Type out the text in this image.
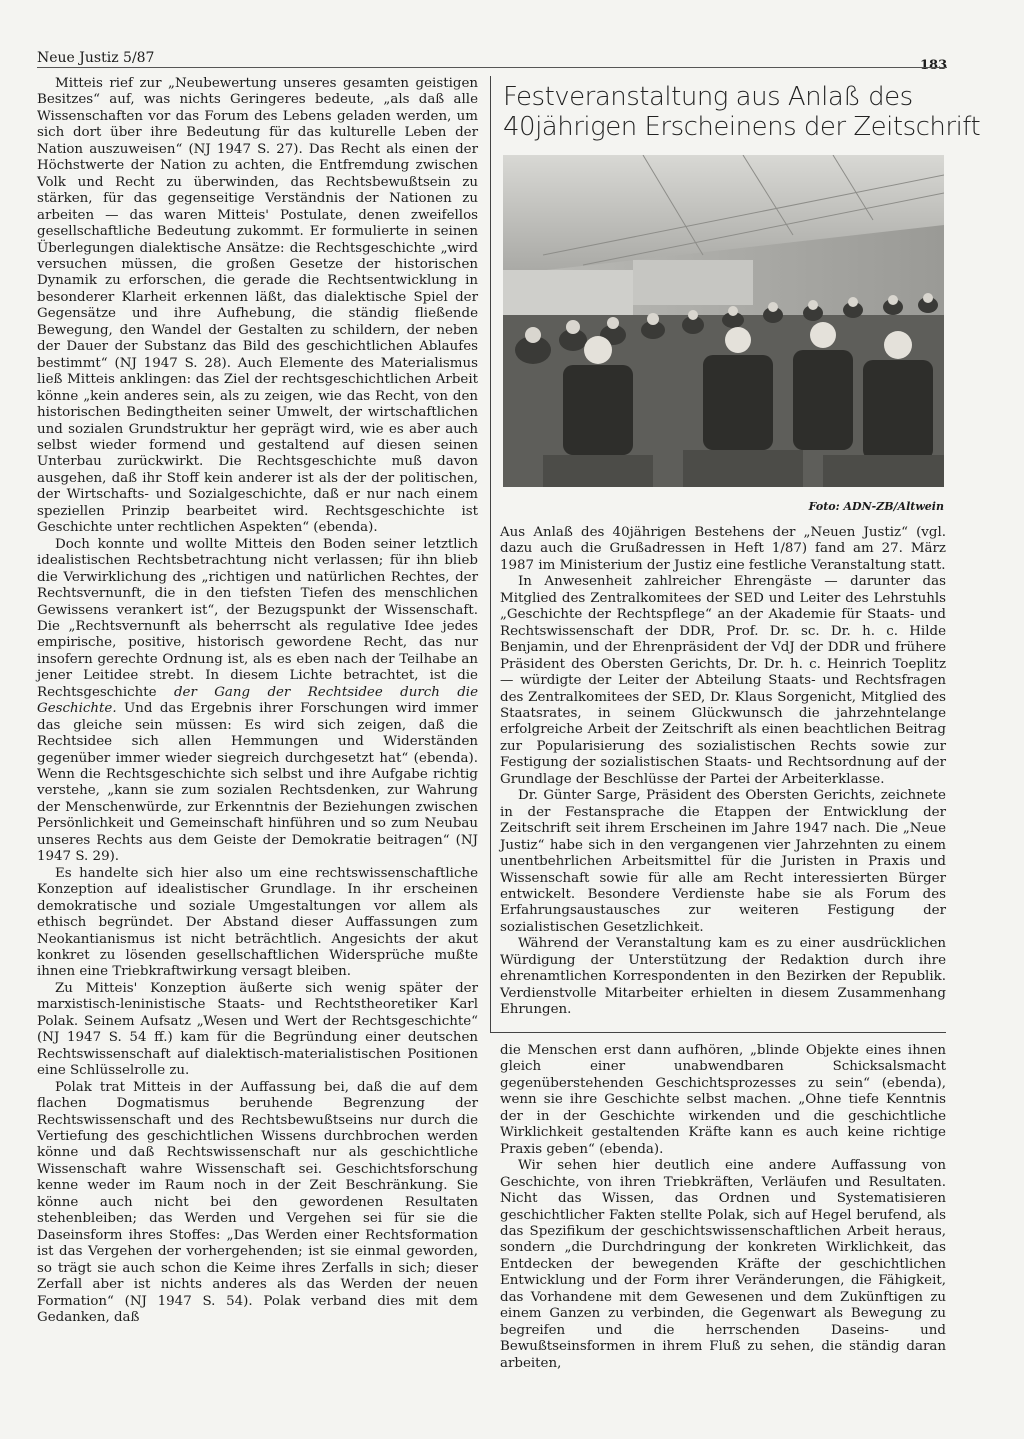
Neue Justiz 5/87	183

Mitteis rief zur „Neubewertung unseres gesamten geistigen Besitzes“ auf, was nichts Geringeres bedeute, „als daß alle Wissenschaften vor das Forum des Lebens geladen werden, um sich dort über ihre Bedeutung für das kulturelle Leben der Nation auszuweisen“ (NJ 1947 S. 27). Das Recht als einen der Höchstwerte der Nation zu achten, die Entfremdung zwischen Volk und Recht zu überwinden, das Rechtsbewußtsein zu stärken, für das gegenseitige Verständnis der Nationen zu arbeiten — das waren Mitteis' Postulate, denen zweifellos gesellschaftliche Bedeutung zukommt. Er formulierte in seinen Überlegungen dialektische Ansätze: die Rechtsgeschichte „wird versuchen müssen, die großen Gesetze der historischen Dynamik zu erforschen, die gerade die Rechtsentwicklung in besonderer Klarheit erkennen läßt, das dialektische Spiel der Gegensätze und ihre Aufhebung, die ständig fließende Bewegung, den Wandel der Gestalten zu schildern, der neben der Dauer der Substanz das Bild des geschichtlichen Ablaufes bestimmt“ (NJ 1947 S. 28). Auch Elemente des Materialismus ließ Mitteis anklingen: das Ziel der rechtsgeschichtlichen Arbeit könne „kein anderes sein, als zu zeigen, wie das Recht, von den historischen Bedingtheiten seiner Umwelt, der wirtschaftlichen und sozialen Grundstruktur her geprägt wird, wie es aber auch selbst wieder formend und gestaltend auf diesen seinen Unterbau zurückwirkt. Die Rechtsgeschichte muß davon ausgehen, daß ihr Stoff kein anderer ist als der der politischen, der Wirtschafts- und Sozialgeschichte, daß er nur nach einem speziellen Prinzip bearbeitet wird. Rechtsgeschichte ist Geschichte unter rechtlichen Aspekten“ (ebenda).

Doch konnte und wollte Mitteis den Boden seiner letztlich idealistischen Rechtsbetrachtung nicht verlassen; für ihn blieb die Verwirklichung des „richtigen und natürlichen Rechtes, der Rechtsvernunft, die in den tiefsten Tiefen des menschlichen Gewissens verankert ist“, der Bezugspunkt der Wissenschaft. Die „Rechtsvernunft als beherrscht als regulative Idee jedes empirische, positive, historisch gewordene Recht, das nur insofern gerechte Ordnung ist, als es eben nach der Teilhabe an jener Leitidee strebt. In diesem Lichte betrachtet, ist die Rechtsgeschichte der Gang der Rechtsidee durch die Geschichte. Und das Ergebnis ihrer Forschungen wird immer das gleiche sein müssen: Es wird sich zeigen, daß die Rechtsidee sich allen Hemmungen und Widerständen gegenüber immer wieder siegreich durchgesetzt hat“ (ebenda). Wenn die Rechtsgeschichte sich selbst und ihre Aufgabe richtig verstehe, „kann sie zum sozialen Rechtsdenken, zur Wahrung der Menschenwürde, zur Erkenntnis der Beziehungen zwischen Persönlichkeit und Gemeinschaft hinführen und so zum Neubau unseres Rechts aus dem Geiste der Demokratie beitragen“ (NJ 1947 S. 29).

Es handelte sich hier also um eine rechtswissenschaftliche Konzeption auf idealistischer Grundlage. In ihr erscheinen demokratische und soziale Umgestaltungen vor allem als ethisch begründet. Der Abstand dieser Auffassungen zum Neokantianismus ist nicht beträchtlich. Angesichts der akut konkret zu lösenden gesellschaftlichen Widersprüche mußte ihnen eine Triebkraftwirkung versagt bleiben.

Zu Mitteis' Konzeption äußerte sich wenig später der marxistisch-leninistische Staats- und Rechtstheoretiker Karl Polak. Seinem Aufsatz „Wesen und Wert der Rechtsgeschichte“ (NJ 1947 S. 54 ff.) kam für die Begründung einer deutschen Rechtswissenschaft auf dialektisch-materialistischen Positionen eine Schlüsselrolle zu.

Polak trat Mitteis in der Auffassung bei, daß die auf dem flachen Dogmatismus beruhende Begrenzung der Rechtswissenschaft und des Rechtsbewußtseins nur durch die Vertiefung des geschichtlichen Wissens durchbrochen werden könne und daß Rechtswissenschaft nur als geschichtliche Wissenschaft wahre Wissenschaft sei. Geschichtsforschung kenne weder im Raum noch in der Zeit Beschränkung. Sie könne auch nicht bei den gewordenen Resultaten stehenbleiben; das Werden und Vergehen sei für sie die Daseinsform ihres Stoffes: „Das Werden einer Rechtsformation ist das Vergehen der vorhergehenden; ist sie einmal geworden, so trägt sie auch schon die Keime ihres Zerfalls in sich; dieser Zerfall aber ist nichts anderes als das Werden der neuen Formation“ (NJ 1947 S. 54). Polak verband dies mit dem Gedanken, daß

Festveranstaltung aus Anlaß des
40jährigen Erscheinens der Zeitschrift
Foto: ADN-ZB/Altwein

Aus Anlaß des 40jährigen Bestehens der „Neuen Justiz“ (vgl. dazu auch die Grußadressen in Heft 1/87) fand am 27. März 1987 im Ministerium der Justiz eine festliche Veranstaltung statt.

In Anwesenheit zahlreicher Ehrengäste — darunter das Mitglied des Zentralkomitees der SED und Leiter des Lehrstuhls „Geschichte der Rechtspflege“ an der Akademie für Staats- und Rechtswissenschaft der DDR, Prof. Dr. sc. Dr. h. c. Hilde Benjamin, und der Ehrenpräsident der VdJ der DDR und frühere Präsident des Obersten Gerichts, Dr. Dr. h. c. Heinrich Toeplitz — würdigte der Leiter der Abteilung Staats- und Rechtsfragen des Zentralkomitees der SED, Dr. Klaus Sorgenicht, Mitglied des Staatsrates, in seinem Glückwunsch die jahrzehntelange erfolgreiche Arbeit der Zeitschrift als einen beachtlichen Beitrag zur Popularisierung des sozialistischen Rechts sowie zur Festigung der sozialistischen Staats- und Rechtsordnung auf der Grundlage der Beschlüsse der Partei der Arbeiterklasse.

Dr. Günter Sarge, Präsident des Obersten Gerichts, zeichnete in der Festansprache die Etappen der Entwicklung der Zeitschrift seit ihrem Erscheinen im Jahre 1947 nach. Die „Neue Justiz“ habe sich in den vergangenen vier Jahrzehnten zu einem unentbehrlichen Arbeitsmittel für die Juristen in Praxis und Wissenschaft sowie für alle am Recht interessierten Bürger entwickelt. Besondere Verdienste habe sie als Forum des Erfahrungsaustausches zur weiteren Festigung der sozialistischen Gesetzlichkeit.

Während der Veranstaltung kam es zu einer ausdrücklichen Würdigung der Unterstützung der Redaktion durch ihre ehrenamtlichen Korrespondenten in den Bezirken der Republik. Verdienstvolle Mitarbeiter erhielten in diesem Zusammenhang Ehrungen.

die Menschen erst dann aufhören, „blinde Objekte eines ihnen gleich einer unabwendbaren Schicksalsmacht gegenüberstehenden Geschichtsprozesses zu sein“ (ebenda), wenn sie ihre Geschichte selbst machen. „Ohne tiefe Kenntnis der in der Geschichte wirkenden und die geschichtliche Wirklichkeit gestaltenden Kräfte kann es auch keine richtige Praxis geben“ (ebenda).

Wir sehen hier deutlich eine andere Auffassung von Geschichte, von ihren Triebkräften, Verläufen und Resultaten. Nicht das Wissen, das Ordnen und Systematisieren geschichtlicher Fakten stellte Polak, sich auf Hegel berufend, als das Spezifikum der geschichtswissenschaftlichen Arbeit heraus, sondern „die Durchdringung der konkreten Wirklichkeit, das Entdecken der bewegenden Kräfte der geschichtlichen Entwicklung und der Form ihrer Veränderungen, die Fähigkeit, das Vorhandene mit dem Gewesenen und dem Zukünftigen zu einem Ganzen zu verbinden, die Gegenwart als Bewegung zu begreifen und die herrschenden Daseins- und Bewußtseinsformen in ihrem Fluß zu sehen, die ständig daran arbeiten,
